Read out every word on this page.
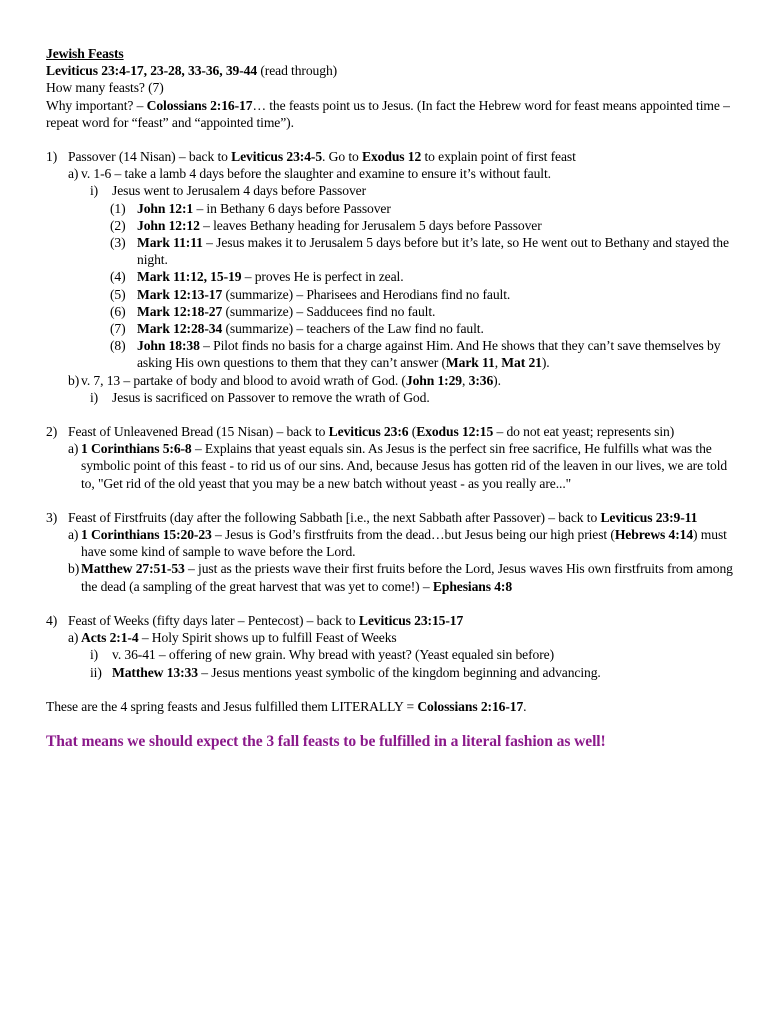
Jewish Feasts

Leviticus 23:4-17, 23-28, 33-36, 39-44 (read through)

How many feasts? (7)

Why important? – Colossians 2:16-17… the feasts point us to Jesus. (In fact the Hebrew word for feast means appointed time – repeat word for “feast” and “appointed time”).

1) Passover (14 Nisan) – back to Leviticus 23:4-5. Go to Exodus 12 to explain point of first feast

a) v. 1-6 – take a lamb 4 days before the slaughter and examine to ensure it’s without fault.

i) Jesus went to Jerusalem 4 days before Passover

(1) John 12:1 – in Bethany 6 days before Passover

(2) John 12:12 – leaves Bethany heading for Jerusalem 5 days before Passover

(3) Mark 11:11 – Jesus makes it to Jerusalem 5 days before but it’s late, so He went out to Bethany and stayed the night.

(4) Mark 11:12, 15-19 – proves He is perfect in zeal.

(5) Mark 12:13-17 (summarize) – Pharisees and Herodians find no fault.

(6) Mark 12:18-27 (summarize) – Sadducees find no fault.

(7) Mark 12:28-34 (summarize) – teachers of the Law find no fault.

(8) John 18:38 – Pilot finds no basis for a charge against Him. And He shows that they can’t save themselves by asking His own questions to them that they can’t answer (Mark 11, Mat 21).

b) v. 7, 13 – partake of body and blood to avoid wrath of God. (John 1:29, 3:36).

i) Jesus is sacrificed on Passover to remove the wrath of God.

2) Feast of Unleavened Bread (15 Nisan) – back to Leviticus 23:6 (Exodus 12:15 – do not eat yeast; represents sin)

a) 1 Corinthians 5:6-8 – Explains that yeast equals sin. As Jesus is the perfect sin free sacrifice, He fulfills what was the symbolic point of this feast - to rid us of our sins. And, because Jesus has gotten rid of the leaven in our lives, we are told to, "Get rid of the old yeast that you may be a new batch without yeast - as you really are..."

3) Feast of Firstfruits (day after the following Sabbath [i.e., the next Sabbath after Passover) – back to Leviticus 23:9-11

a) 1 Corinthians 15:20-23 – Jesus is God’s firstfruits from the dead…but Jesus being our high priest (Hebrews 4:14) must have some kind of sample to wave before the Lord.

b) Matthew 27:51-53 – just as the priests wave their first fruits before the Lord, Jesus waves His own firstfruits from among the dead (a sampling of the great harvest that was yet to come!) – Ephesians 4:8

4) Feast of Weeks (fifty days later – Pentecost) – back to Leviticus 23:15-17

a) Acts 2:1-4 – Holy Spirit shows up to fulfill Feast of Weeks

i) v. 36-41 – offering of new grain. Why bread with yeast? (Yeast equaled sin before)

ii) Matthew 13:33 – Jesus mentions yeast symbolic of the kingdom beginning and advancing.

These are the 4 spring feasts and Jesus fulfilled them LITERALLY = Colossians 2:16-17.

That means we should expect the 3 fall feasts to be fulfilled in a literal fashion as well!
